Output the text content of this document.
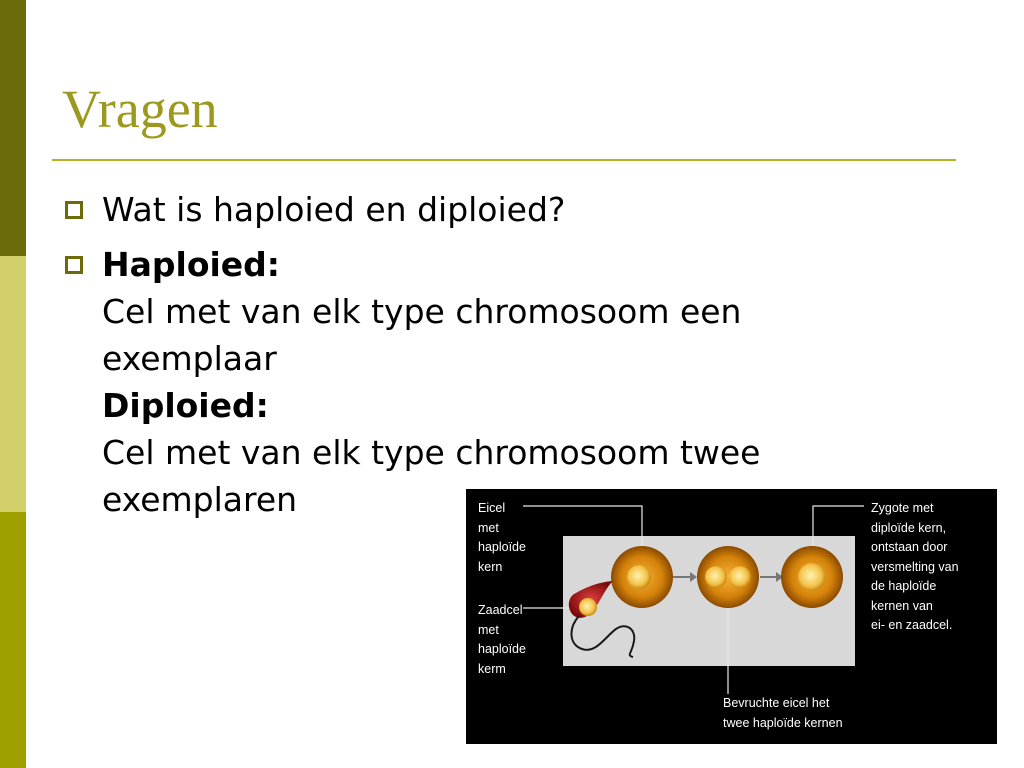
Vragen
Wat is haploied en diploied?
Haploied:
Cel met van elk type chromosoom een
exemplaar
Diploied:
Cel met van elk type chromosoom twee
exemplaren	Eicel
met
haploïde
kern
Zaadcel
met
haploïde
kerm
Zygote met
diploïde kern,
ontstaan door
versmelting van
de haploïde
kernen van
ei- en zaadcel.
Bevruchte eicel het
twee haploïde kernen
